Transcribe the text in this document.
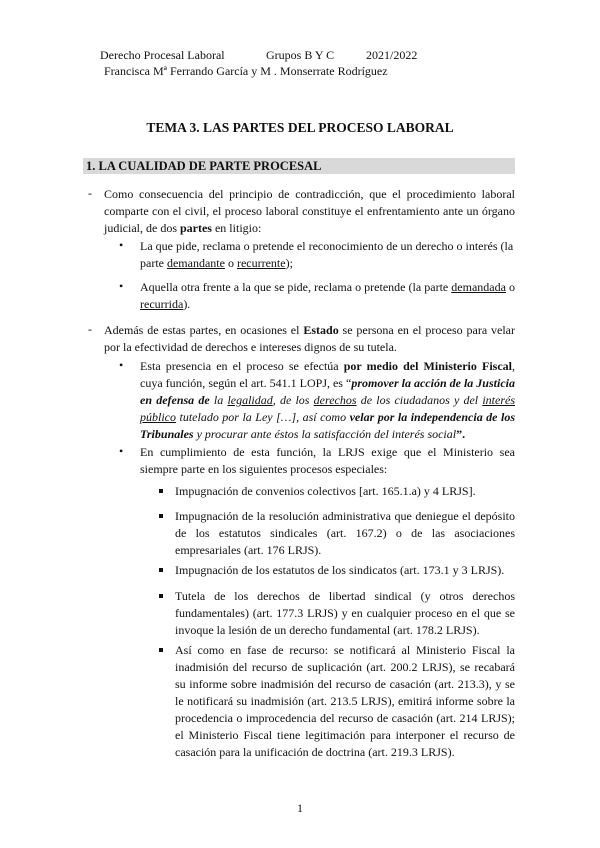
Derecho Procesal Laboral	Grupos B Y C	2021/2022
Francisca Mª Ferrando García y M . Monserrate Rodríguez
TEMA 3. LAS PARTES DEL PROCESO LABORAL
1. LA CUALIDAD DE PARTE PROCESAL
- Como consecuencia del principio de contradicción, que el procedimiento laboral comparte con el civil, el proceso laboral constituye el enfrentamiento ante un órgano judicial, de dos partes en litigio:

• La que pide, reclama o pretende el reconocimiento de un derecho o interés (la parte demandante o recurrente);

• Aquella otra frente a la que se pide, reclama o pretende (la parte demandada o recurrida).

- Además de estas partes, en ocasiones el Estado se persona en el proceso para velar por la efectividad de derechos e intereses dignos de su tutela.

• Esta presencia en el proceso se efectúa por medio del Ministerio Fiscal, cuya función, según el art. 541.1 LOPJ, es “promover la acción de la Justicia en defensa de la legalidad, de los derechos de los ciudadanos y del interés público tutelado por la Ley […], así como velar por la independencia de los Tribunales y procurar ante éstos la satisfacción del interés social”.

• En cumplimiento de esta función, la LRJS exige que el Ministerio sea siempre parte en los siguientes procesos especiales:

Impugnación de convenios colectivos [art. 165.1.a) y 4 LRJS].

Impugnación de la resolución administrativa que deniegue el depósito de los estatutos sindicales (art. 167.2) o de las asociaciones empresariales (art. 176 LRJS).

Impugnación de los estatutos de los sindicatos (art. 173.1 y 3 LRJS).

Tutela de los derechos de libertad sindical (y otros derechos fundamentales) (art. 177.3 LRJS) y en cualquier proceso en el que se invoque la lesión de un derecho fundamental (art. 178.2 LRJS).

Así como en fase de recurso: se notificará al Ministerio Fiscal la inadmisión del recurso de suplicación (art. 200.2 LRJS), se recabará su informe sobre inadmisión del recurso de casación (art. 213.3), y se le notificará su inadmisión (art. 213.5 LRJS), emitirá informe sobre la procedencia o improcedencia del recurso de casación (art. 214 LRJS); el Ministerio Fiscal tiene legitimación para interponer el recurso de casación para la unificación de doctrina (art. 219.3 LRJS).

1
